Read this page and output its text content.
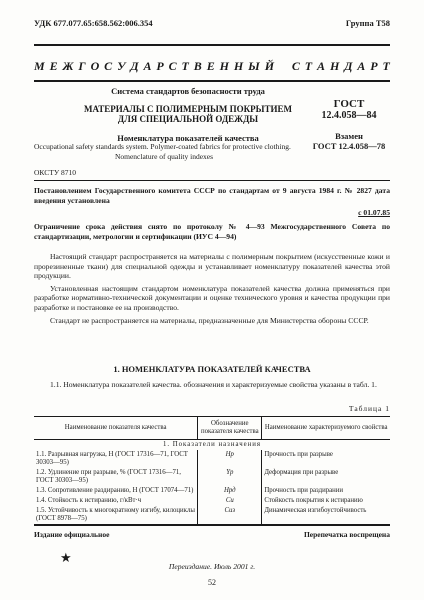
УДК 677.077.65:658.562:006.354	Группа Т58
М Е Ж Г О С У Д А Р С Т В Е Н Н Ы Й С Т А Н Д А Р Т
Система стандартов безопасности труда
МАТЕРИАЛЫ С ПОЛИМЕРНЫМ ПОКРЫТИЕМ
ДЛЯ СПЕЦИАЛЬНОЙ ОДЕЖДЫ
Номенклатура показателей качества
ГОСТ
12.4.058—84
Взамен
ГОСТ 12.4.058—78
Occupational safety standards system. Polymer-coated fabrics for protective clothing.
Nomenclature of quality indexes
ОКСТУ 8710
Постановлением Государственного комитета СССР по стандартам от 9 августа 1984 г. № 2827 дата введения установлена
с 01.07.85
Ограничение срока действия снято по протоколу № 4—93 Межгосударственного Совета по стандартизации, метрологии и сертификации (ИУС 4—94)

Настоящий стандарт распространяется на материалы с полимерным покрытием (искусственные кожи и прорезиненные ткани) для специальной одежды и устанавливает номенклатуру показателей качества этой продукции.

Установленная настоящим стандартом номенклатура показателей качества должна применяться при разработке нормативно-технической документации и оценке технического уровня и качества продукции при разработке и постановке ее на производство.

Стандарт не распространяется на материалы, предназначенные для Министерства обороны СССР.

1. НОМЕНКЛАТУРА ПОКАЗАТЕЛЕЙ КАЧЕСТВА
1.1. Номенклатура показателей качества. обозначения и характеризуемые свойства указаны в табл. 1.
Таблица 1
Наименование показателя качества	Обозначение показателя качества	Наименование характеризуемого свойства
1. Показатели назначения		
1.1. Разрывная нагрузка, Н (ГОСТ 17316—71, ГОСТ 30303—95)	Hр	Прочность при разрыве
1.2. Удлинение при разрыве, % (ГОСТ 17316—71, ГОСТ 30303—95)	Yр	Деформация при разрыве
1.3. Сопротивление раздиранию, Н (ГОСТ 17074—71)	Hрд	Прочность при раздирании
1.4. Стойкость к истиранию, г/кВт·ч	Cи	Стойкость покрытия к истиранию
1.5. Устойчивость к многократному изгибу, килоциклы (ГОСТ 8978—75)	Cиз	Динамическая изгибоустойчивость
Издание официальное	Перепечатка воспрещена
★
Переиздание. Июль 2001 г.
52
